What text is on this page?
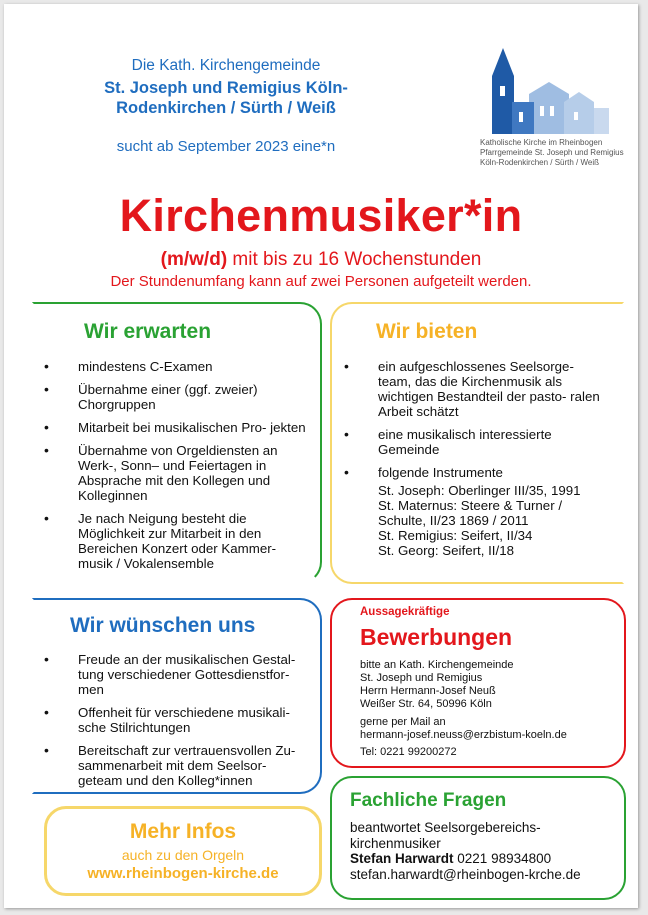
Die Kath. Kirchengemeinde
St. Joseph und Remigius Köln-
Rodenkirchen / Sürth / Weiß
sucht ab September 2023 eine*n	Katholische Kirche im Rheinbogen
Pfarrgemeinde St. Joseph und Remigius
Köln-Rodenkirchen / Sürth / Weiß
Kirchenmusiker*in
(m/w/d) mit bis zu 16 Wochenstunden
Der Stundenumfang kann auf zwei Personen aufgeteilt werden.
Wir erwarten
• mindestens C-Examen
• Übernahme einer (ggf. zweier) Chorgruppen
• Mitarbeit bei musikalischen Pro- jekten
• Übernahme von Orgeldiensten an Werk-, Sonn– und Feiertagen in Absprache mit den Kollegen und Kolleginnen
• Je nach Neigung besteht die Möglichkeit zur Mitarbeit in den Bereichen Konzert oder Kammer- musik / Vokalensemble
Wir bieten
• ein aufgeschlossenes Seelsorge- team, das die Kirchenmusik als wichtigen Bestandteil der pasto- ralen Arbeit schätzt
• eine musikalisch interessierte Gemeinde
• folgende Instrumente
St. Joseph: Oberlinger III/35, 1991
St. Maternus: Steere & Turner / Schulte, II/23 1869 / 2011
St. Remigius: Seifert, II/34
St. Georg: Seifert, II/18
Wir wünschen uns
• Freude an der musikalischen Gestal- tung verschiedener Gottesdienstfor- men
• Offenheit für verschiedene musikali- sche Stilrichtungen
• Bereitschaft zur vertrauensvollen Zu- sammenarbeit mit dem Seelsor- geteam und den Kolleg*innen
Aussagekräftige
Bewerbungen
bitte an Kath. Kirchengemeinde
St. Joseph und Remigius
Herrn Hermann-Josef Neuß
Weißer Str. 64, 50996 Köln
gerne per Mail an
hermann-josef.neuss@erzbistum-koeln.de
Tel: 0221 99200272
Fachliche Fragen
beantwortet Seelsorgebereichs-
kirchenmusiker
Stefan Harwardt 0221 98934800
stefan.harwardt@rheinbogen-krche.de
Mehr Infos
auch zu den Orgeln
www.rheinbogen-kirche.de
